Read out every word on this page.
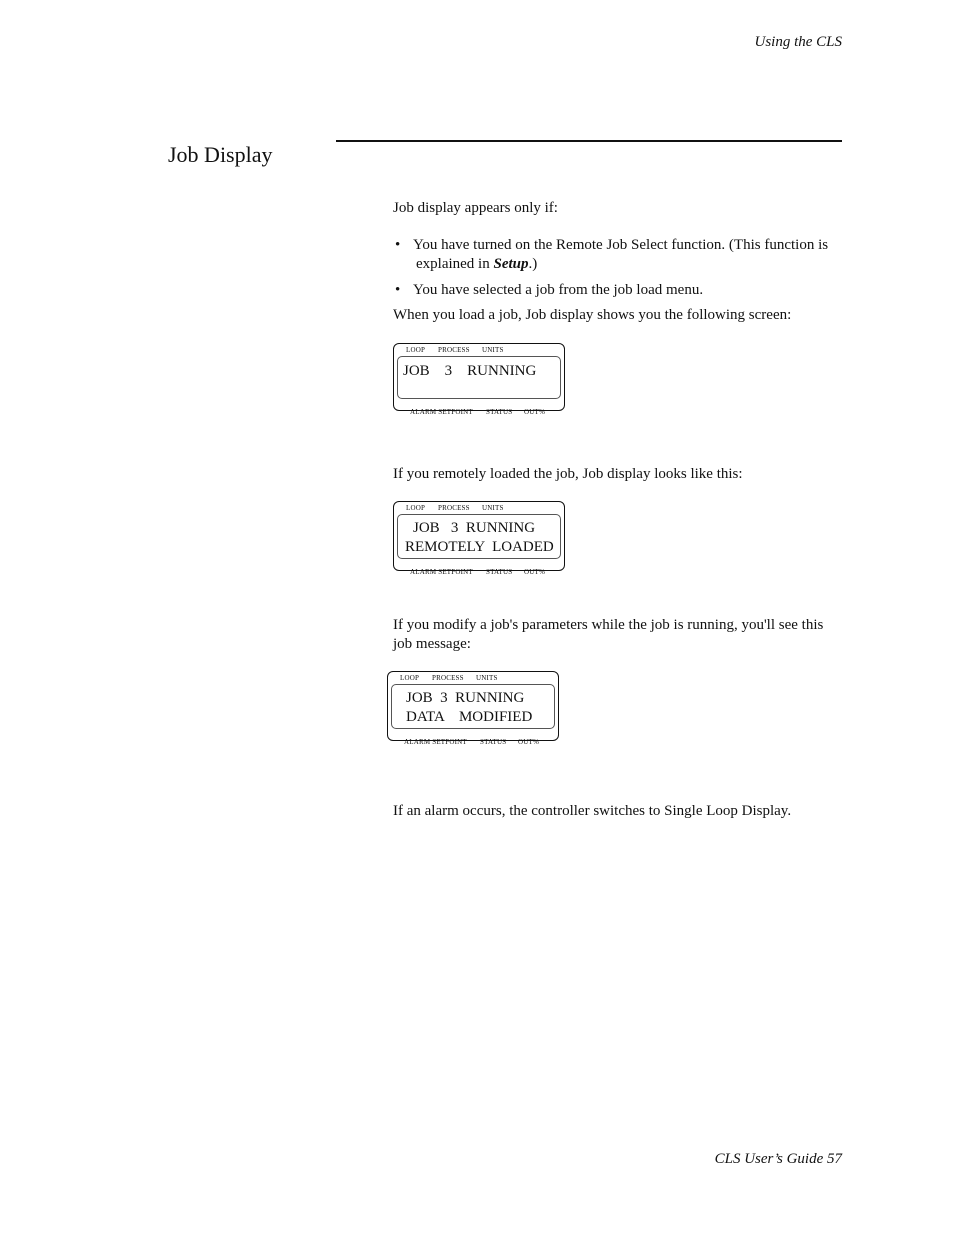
Using the CLS
Job Display

Job display appears only if:

• You have turned on the Remote Job Select function. (This function is
explained in Setup.)
• You have selected a job from the job load menu.

When you load a job, Job display shows you the following screen:

LOOP PROCESS UNITS
JOB    3    RUNNING
ALARM SETPOINT STATUS OUT%

If you remotely loaded the job, Job display looks like this:

LOOP PROCESS UNITS
JOB   3  RUNNING
REMOTELY  LOADED
ALARM SETPOINT STATUS OUT%

If you modify a job's parameters while the job is running, you'll see this job message:

LOOP PROCESS UNITS
JOB  3  RUNNING
DATA    MODIFIED
ALARM SETPOINT STATUS OUT%

If an alarm occurs, the controller switches to Single Loop Display.

CLS User’s Guide 57
